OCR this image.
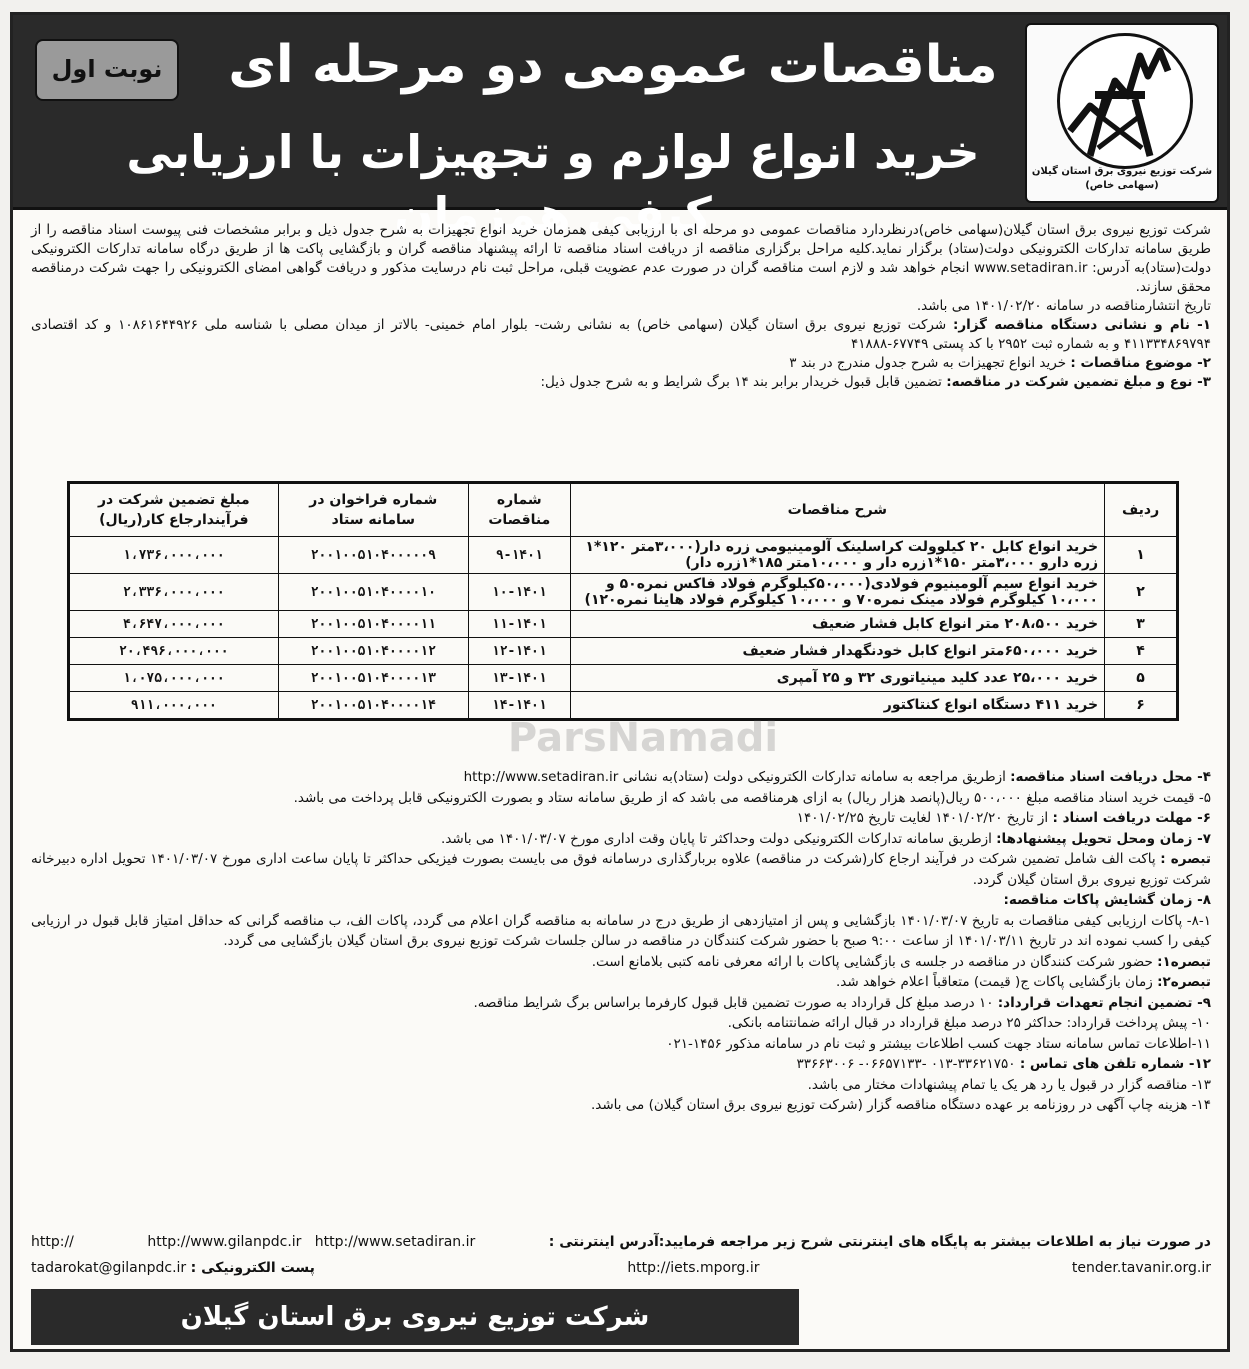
نوبت اول	مناقصات عمومی دو مرحله ای
خرید انواع لوازم و تجهیزات با ارزیابی کیفی همزمان
شرکت توزیع نیروی برق استان گیلان
(سهامی خاص)

شرکت توزیع نیروی برق استان گیلان(سهامی خاص)درنظردارد مناقصات عمومی دو مرحله ای با ارزیابی کیفی همزمان خرید انواع تجهیزات به شرح جدول ذیل و برابر مشخصات فنی پیوست اسناد مناقصه را از طریق سامانه تدارکات الکترونیکی دولت(ستاد) برگزار نماید.کلیه مراحل برگزاری مناقصه از دریافت اسناد مناقصه تا ارائه پیشنهاد مناقصه گران و بازگشایی پاکت ها از طریق درگاه سامانه تدارکات الکترونیکی دولت(ستاد)به آدرس: www.setadiran.ir انجام خواهد شد و لازم است مناقصه گران در صورت عدم عضویت قبلی، مراحل ثبت نام درسایت مذکور و دریافت گواهی امضای الکترونیکی را جهت شرکت درمناقصه محقق سازند.

تاریخ انتشارمناقصه در سامانه ۱۴۰۱/۰۲/۲۰ می باشد.

۱- نام و نشانی دستگاه مناقصه گزار: شرکت توزیع نیروی برق استان گیلان (سهامی خاص) به نشانی رشت- بلوار امام خمینی- بالاتر از میدان مصلی با شناسه ملی ۱۰۸۶۱۶۴۴۹۲۶ و کد اقتصادی ۴۱۱۳۳۴۸۶۹۷۹۴ و به شماره ثبت ۲۹۵۲ با کد پستی ۶۷۷۴۹-۴۱۸۸۸

۲- موضوع مناقصات : خرید انواع تجهیزات به شرح جدول مندرج در بند ۳

۳- نوع و مبلغ تضمین شرکت در مناقصه: تضمین قابل قبول خریدار برابر بند ۱۴ برگ شرایط و به شرح جدول ذیل:

ردیف	شرح مناقصات	شماره مناقصات	شماره فراخوان در سامانه ستاد	مبلغ تضمین شرکت در فرآیندارجاع کار(ریال)
۱	خرید انواع کابل ۲۰ کیلوولت کراسلینک آلومینیومی زره دار(۳،۰۰۰متر ۱۲۰*۱ زره دارو ۳،۰۰۰متر ۱۵۰*۱زره دار و ۱۰،۰۰۰متر ۱۸۵*۱زره دار)	۹-۱۴۰۱	۲۰۰۱۰۰۵۱۰۴۰۰۰۰۰۹	۱،۷۳۶،۰۰۰،۰۰۰
۲	خرید انواع سیم آلومینیوم فولادی(۵۰،۰۰۰کیلوگرم فولاد فاکس نمره۵۰ و ۱۰،۰۰۰ کیلوگرم فولاد مینک نمره۷۰ و ۱۰،۰۰۰ کیلوگرم فولاد هاینا نمره۱۲۰)	۱۰-۱۴۰۱	۲۰۰۱۰۰۵۱۰۴۰۰۰۰۱۰	۲،۳۳۶،۰۰۰،۰۰۰
۳	خرید ۲۰۸،۵۰۰ متر انواع کابل فشار ضعیف	۱۱-۱۴۰۱	۲۰۰۱۰۰۵۱۰۴۰۰۰۰۱۱	۴،۶۴۷،۰۰۰،۰۰۰
۴	خرید ۶۵۰،۰۰۰متر انواع کابل خودنگهدار فشار ضعیف	۱۲-۱۴۰۱	۲۰۰۱۰۰۵۱۰۴۰۰۰۰۱۲	۲۰،۴۹۶،۰۰۰،۰۰۰
۵	خرید ۲۵،۰۰۰ عدد کلید مینیاتوری ۳۲ و ۲۵ آمپری	۱۳-۱۴۰۱	۲۰۰۱۰۰۵۱۰۴۰۰۰۰۱۳	۱،۰۷۵،۰۰۰،۰۰۰
۶	خرید ۴۱۱ دستگاه انواع کنتاکتور	۱۴-۱۴۰۱	۲۰۰۱۰۰۵۱۰۴۰۰۰۰۱۴	۹۱۱،۰۰۰،۰۰۰

۴- محل دریافت اسناد مناقصه: ازطریق مراجعه به سامانه تدارکات الکترونیکی دولت (ستاد)به نشانی http://www.setadiran.ir

۵- قیمت خرید اسناد مناقصه مبلغ ۵۰۰،۰۰۰ ریال(پانصد هزار ریال) به ازای هرمناقصه می باشد که از طریق سامانه ستاد و بصورت الکترونیکی قابل پرداخت می باشد.

۶- مهلت دریافت اسناد : از تاریخ ۱۴۰۱/۰۲/۲۰ لغایت تاریخ ۱۴۰۱/۰۲/۲۵

۷- زمان ومحل تحویل پیشنهادها: ازطریق سامانه تدارکات الکترونیکی دولت وحداکثر تا پایان وقت اداری مورخ ۱۴۰۱/۰۳/۰۷ می باشد.

تبصره : پاکت الف شامل تضمین شرکت در فرآیند ارجاع کار(شرکت در مناقصه) علاوه بربارگذاری درسامانه فوق می بایست بصورت فیزیکی حداکثر تا پایان ساعت اداری مورخ ۱۴۰۱/۰۳/۰۷ تحویل اداره دبیرخانه شرکت توزیع نیروی برق استان گیلان گردد.

۸- زمان گشایش پاکات مناقصه:

۸-۱- پاکات ارزیابی کیفی مناقصات به تاریخ ۱۴۰۱/۰۳/۰۷ بازگشایی و پس از امتیازدهی از طریق درج در سامانه به مناقصه گران اعلام می گردد، پاکات الف، ب مناقصه گرانی که حداقل امتیاز قابل قبول در ارزیابی کیفی را کسب نموده اند در تاریخ ۱۴۰۱/۰۳/۱۱ از ساعت ۹:۰۰ صبح با حضور شرکت کنندگان در مناقصه در سالن جلسات شرکت توزیع نیروی برق استان گیلان بازگشایی می گردد.

تبصره۱: حضور شرکت کنندگان در مناقصه در جلسه ی بازگشایی پاکات با ارائه معرفی نامه کتبی بلامانع است.

تبصره۲: زمان بازگشایی پاکات ج( قیمت) متعاقباً اعلام خواهد شد.

۹- تضمین انجام تعهدات قرارداد: ۱۰ درصد مبلغ کل قرارداد به صورت تضمین قابل قبول کارفرما براساس برگ شرایط مناقصه.

۱۰- پیش پرداخت قرارداد: حداکثر ۲۵ درصد مبلغ قرارداد در قبال ارائه ضمانتنامه بانکی.

۱۱-اطلاعات تماس سامانه ستاد جهت کسب اطلاعات بیشتر و ثبت نام در سامانه مذکور ۱۴۵۶-۰۲۱

۱۲- شماره تلفن های تماس : ۳۳۶۲۱۷۵۰-۰۱۳ -۰۶۶۵۷۱۳۳- ۳۳۶۶۳۰۰۶

۱۳- مناقصه گزار در قبول یا رد هر یک یا تمام پیشنهادات مختار می باشد.

۱۴- هزینه چاپ آگهی در روزنامه بر عهده دستگاه مناقصه گزار (شرکت توزیع نیروی برق استان گیلان) می باشد.

در صورت نیاز به اطلاعات بیشتر به پایگاه های اینترنتی شرح زیر مراجعه فرمایید:آدرس اینترنتی :
http://www.gilanpdc.ir http://www.setadiran.ir
http://
tender.tavanir.org.ir
http://iets.mporg.ir
پست الکترونیکی : tadarokat@gilanpdc.ir
شرکت توزیع نیروی برق استان گیلان
ParsNamadi
